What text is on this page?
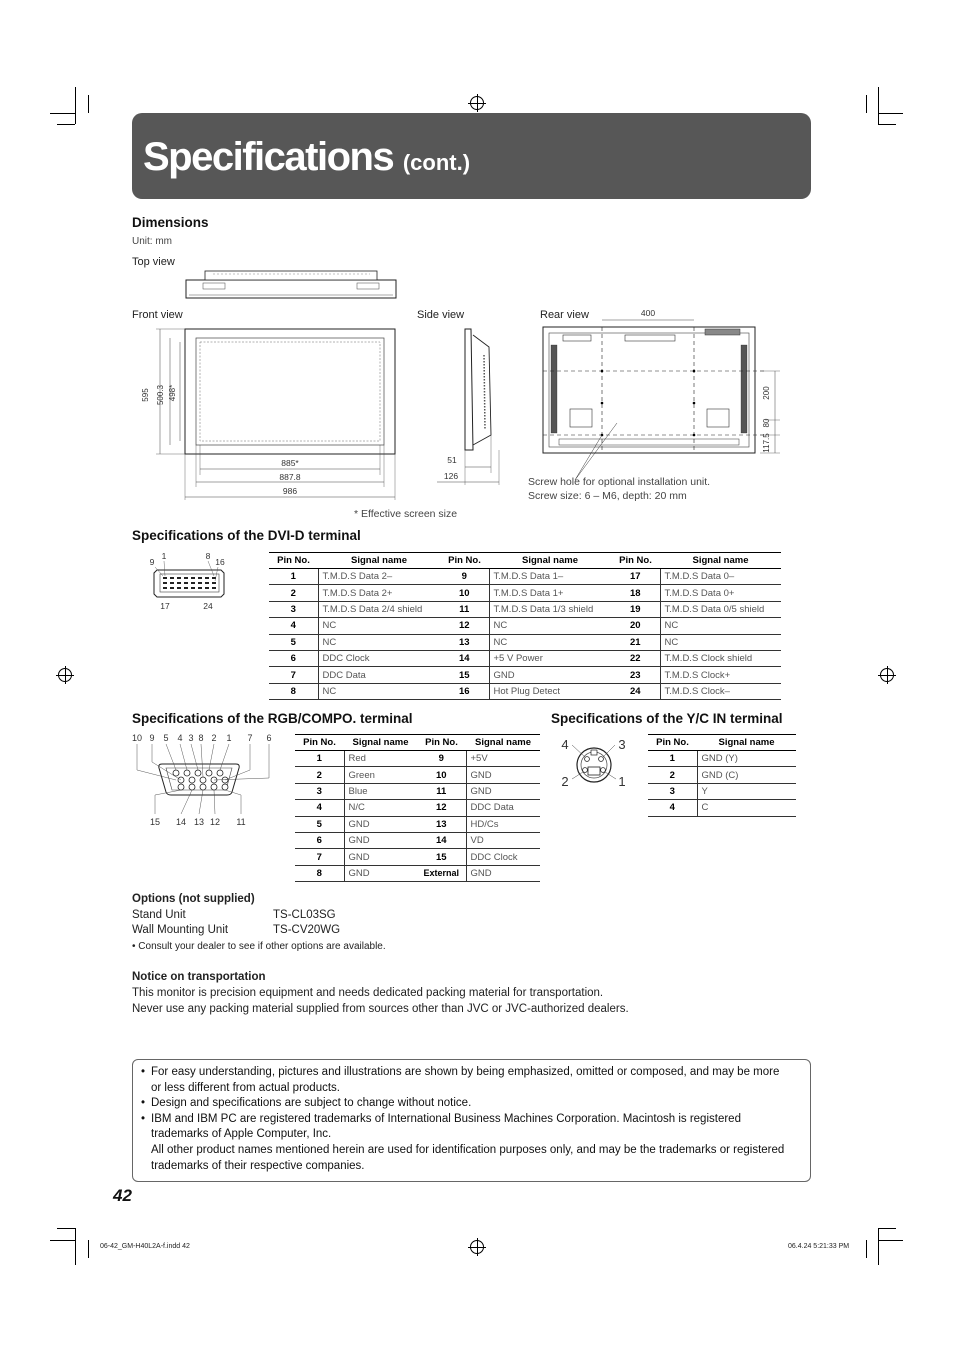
Specifications (cont.)
Dimensions
Unit: mm
Top view
Front view	Side view	Rear view
595 500.3 498*
885*
887.8
986
51
126
400
200
80
117.5
Screw hole for optional installation unit.
Screw size: 6 – M6, depth: 20 mm
* Effective screen size
Specifications of the DVI-D terminal
9
1	8
16
17	24
Pin No.	Signal name	Pin No.	Signal name	Pin No.	Signal name
1	T.M.D.S Data 2–	9	T.M.D.S Data 1–	17	T.M.D.S Data 0–
2	T.M.D.S Data 2+	10	T.M.D.S Data 1+	18	T.M.D.S Data 0+
3	T.M.D.S Data 2/4 shield	11	T.M.D.S Data 1/3 shield	19	T.M.D.S Data 0/5 shield
4	NC	12	NC	20	NC
5	NC	13	NC	21	NC
6	DDC Clock	14	+5 V Power	22	T.M.D.S Clock shield
7	DDC Data	15	GND	23	T.M.D.S Clock+
8	NC	16	Hot Plug Detect	24	T.M.D.S Clock–
Specifications of the RGB/COMPO. terminal
10 9 5 4 3 8 2 1 7 6
15 14 13 12 11
Pin No.	Signal name	Pin No.	Signal name
1	Red	9	+5V
2	Green	10	GND
3	Blue	11	GND
4	N/C	12	DDC Data
5	GND	13	HD/Cs
6	GND	14	VD
7	GND	15	DDC Clock
8	GND	External	GND
Specifications of the Y/C IN terminal
4	3
2	1
Pin No.	Signal name
1	GND (Y)
2	GND (C)
3	Y
4	C
Options (not supplied)
Stand Unit	TS-CL03SG
Wall Mounting Unit	TS-CV20WG
• Consult your dealer to see if other options are available.
Notice on transportation
This monitor is precision equipment and needs dedicated packing material for transportation.
Never use any packing material supplied from sources other than JVC or JVC-authorized dealers.
• For easy understanding, pictures and illustrations are shown by being emphasized, omitted or composed, and may be more or less different from actual products.
• Design and specifications are subject to change without notice.
• IBM and IBM PC are registered trademarks of International Business Machines Corporation. Macintosh is registered trademarks of Apple Computer, Inc.
All other product names mentioned herein are used for identification purposes only, and may be the trademarks or registered trademarks of their respective companies.
42
06-42_GM-H40L2A-f.indd 42	06.4.24 5:21:33 PM
